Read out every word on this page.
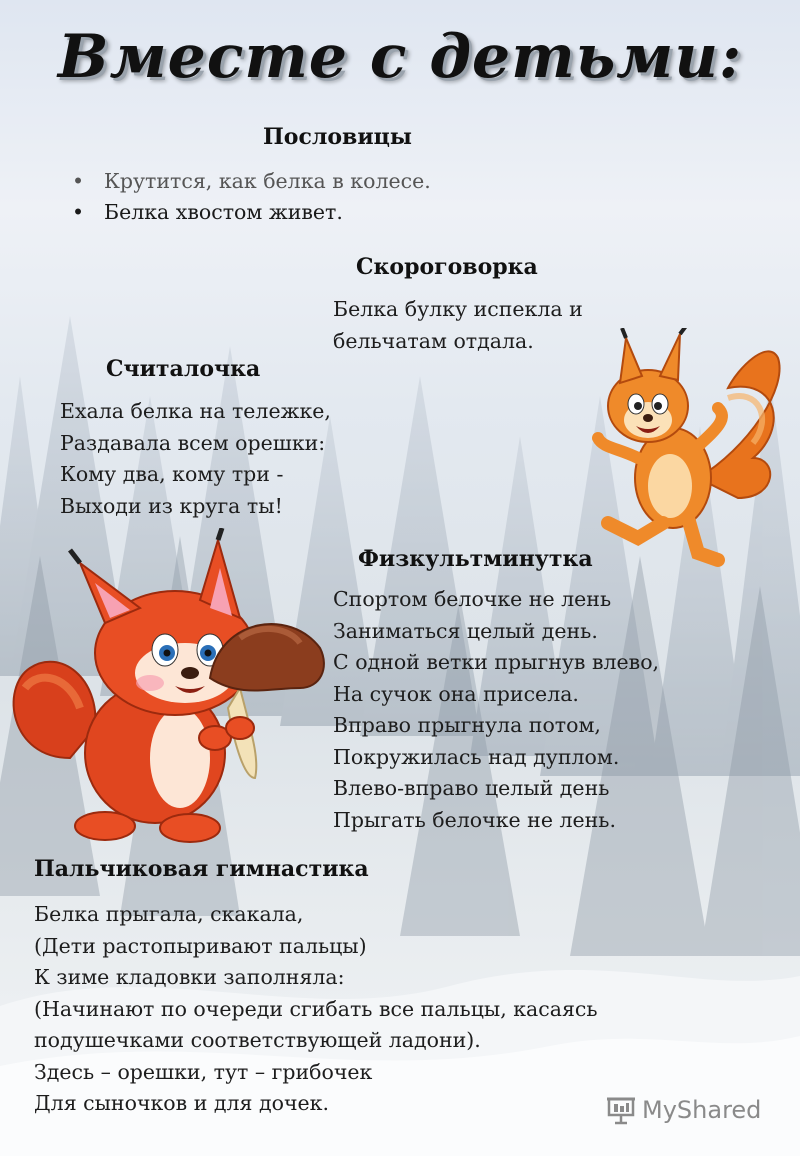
Вместе с детьми:
Пословицы
• Крутится, как белка в колесе.
• Белка хвостом живет.
Скороговорка
Белка булку испекла и
бельчатам отдала.
Считалочка
Ехала белка на тележке,
Раздавала всем орешки:
Кому два, кому три -
Выходи из круга ты!
Физкультминутка
Спортом белочке не лень
Заниматься целый день.
С одной ветки прыгнув влево,
На сучок она присела.
Вправо прыгнула потом,
Покружилась над дуплом.
Влево-вправо целый день
Прыгать белочке не лень.
Пальчиковая гимнастика
Белка прыгала, скакала,
(Дети растопыривают пальцы)
К зиме кладовки заполняла:
(Начинают по очереди сгибать все пальцы, касаясь
подушечками соответствующей ладони).
Здесь – орешки, тут – грибочек
Для сыночков и для дочек.	MyShared
